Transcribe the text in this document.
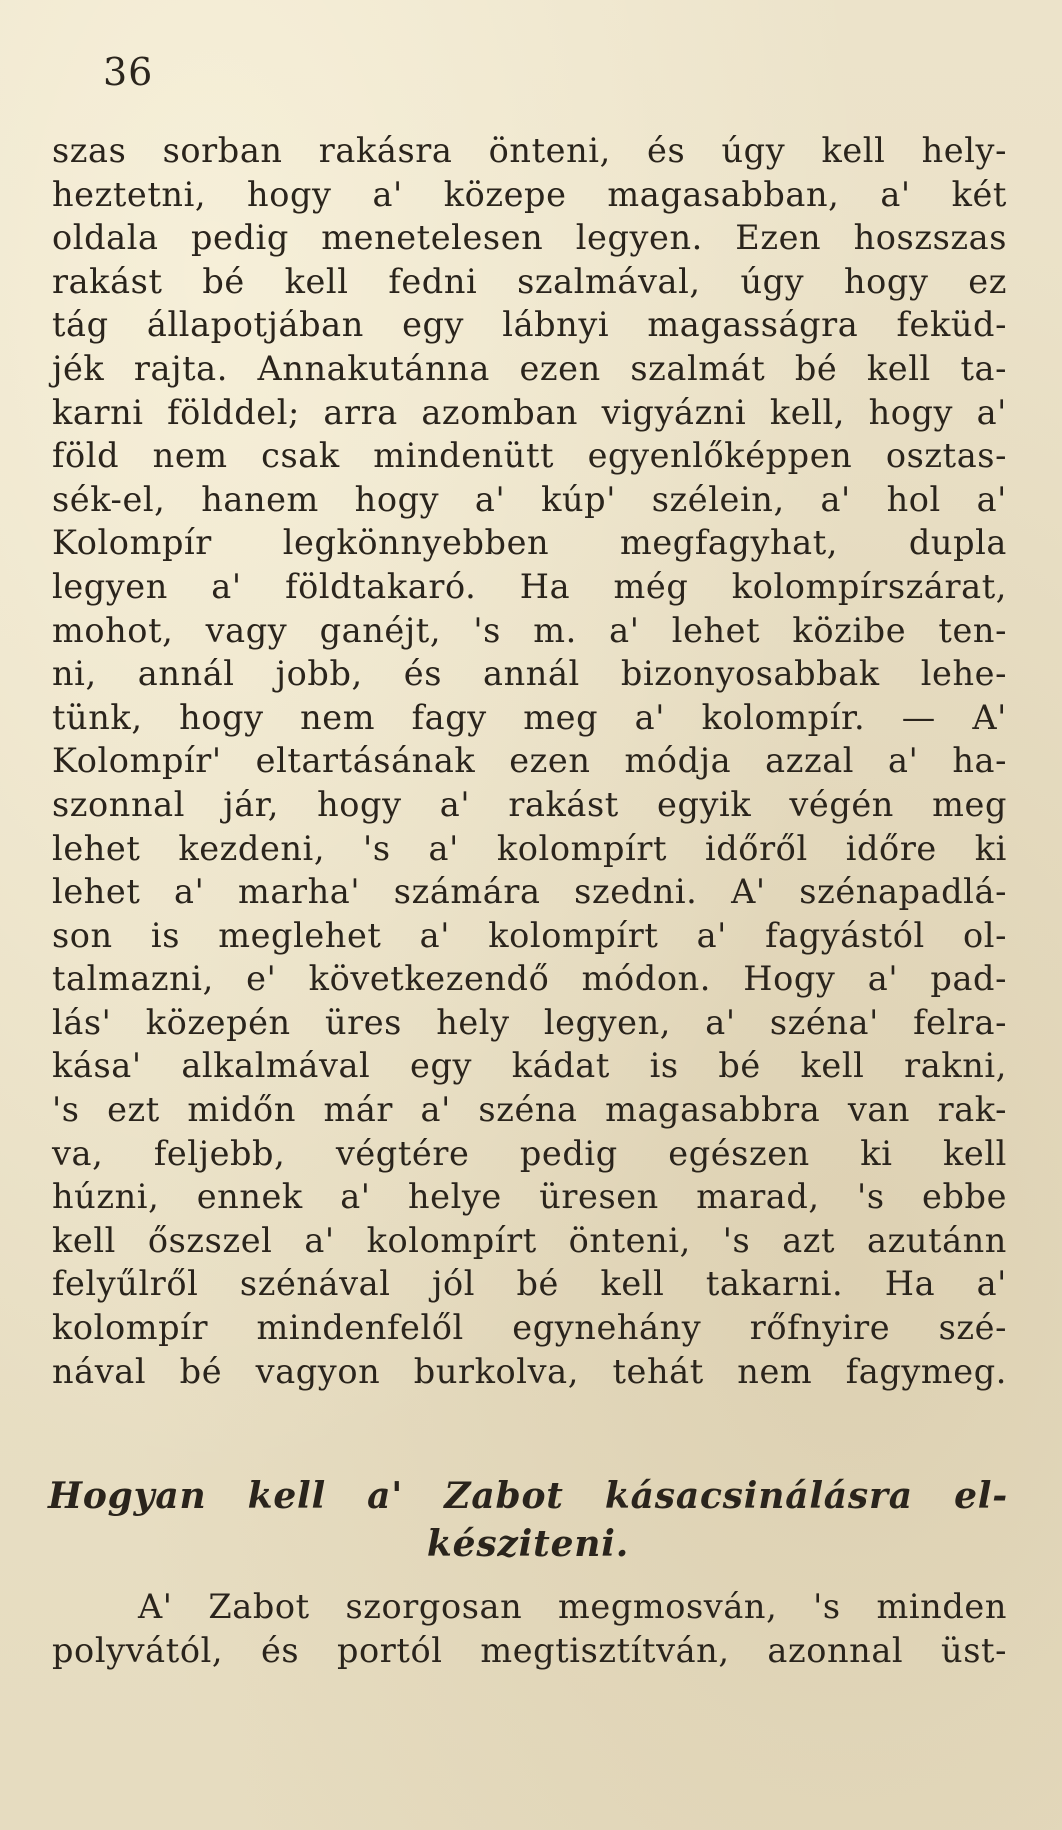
36
szas sorban rakásra önteni, és úgy kell hely-
heztetni, hogy a' közepe magasabban, a' két
oldala pedig menetelesen legyen. Ezen hoszszas
rakást bé kell fedni szalmával, úgy hogy ez
tág állapotjában egy lábnyi magasságra feküd-
jék rajta. Annakutánna ezen szalmát bé kell ta-
karni földdel; arra azomban vigyázni kell, hogy a'
föld nem csak mindenütt egyenlőképpen osztas-
sék-el, hanem hogy a' kúp' szélein, a' hol a'
Kolompír legkönnyebben megfagyhat, dupla
legyen a' földtakaró. Ha még kolompírszárat,
mohot, vagy ganéjt, 's m. a' lehet közibe ten-
ni, annál jobb, és annál bizonyosabbak lehe-
tünk, hogy nem fagy meg a' kolompír. — A'
Kolompír' eltartásának ezen módja azzal a' ha-
szonnal jár, hogy a' rakást egyik végén meg
lehet kezdeni, 's a' kolompírt időről időre ki
lehet a' marha' számára szedni. A' szénapadlá-
son is meglehet a' kolompírt a' fagyástól ol-
talmazni, e' következendő módon. Hogy a' pad-
lás' közepén üres hely legyen, a' széna' felra-
kása' alkalmával egy kádat is bé kell rakni,
's ezt midőn már a' széna magasabbra van rak-
va, feljebb, végtére pedig egészen ki kell
húzni, ennek a' helye üresen marad, 's ebbe
kell őszszel a' kolompírt önteni, 's azt azutánn
felyűlről szénával jól bé kell takarni. Ha a'
kolompír mindenfelől egynehány rőfnyire szé-
nával bé vagyon burkolva, tehát nem fagymeg.
Hogyan kell a' Zabot kásacsinálásra el-
késziteni.
A' Zabot szorgosan megmosván, 's minden
polyvától, és portól megtisztítván, azonnal üst-
